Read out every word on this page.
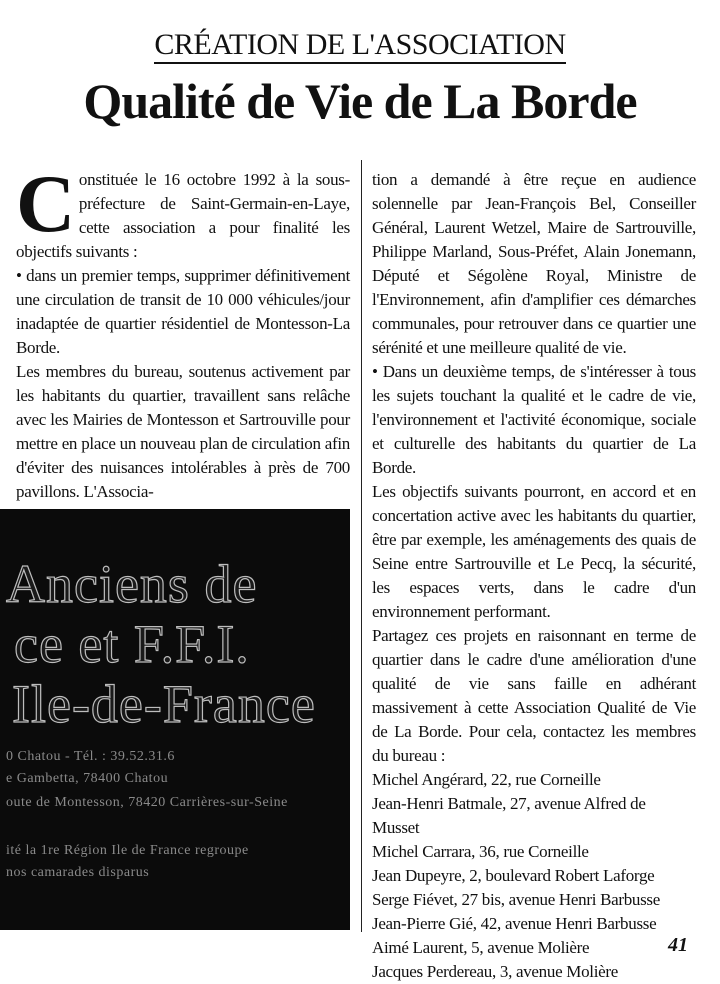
CRÉATION DE L'ASSOCIATION
Qualité de Vie de La Borde

Constituée le 16 octobre 1992 à la sous-préfecture de Saint-Germain-en-Laye, cette association a pour finalité les objectifs suivants :

• dans un premier temps, supprimer définitivement une circulation de transit de 10 000 véhicules/jour inadaptée de quartier résidentiel de Montesson-La Borde.

Les membres du bureau, soutenus activement par les habitants du quartier, travaillent sans relâche avec les Mairies de Montesson et Sartrouville pour mettre en place un nouveau plan de circulation afin d'éviter des nuisances intolérables à près de 700 pavillons. L'Associa-

Anciens de
ce et F.F.I.
Ile-de-France
0 Chatou - Tél. : 39.52.31.6
e Gambetta, 78400 Chatou
oute de Montesson, 78420 Carrières-sur-Seine
ité la 1re Région Ile de France regroupe
nos camarades disparus

tion a demandé à être reçue en audience solennelle par Jean-François Bel, Conseiller Général, Laurent Wetzel, Maire de Sartrouville, Philippe Marland, Sous-Préfet, Alain Jonemann, Député et Ségolène Royal, Ministre de l'Environnement, afin d'amplifier ces démarches communales, pour retrouver dans ce quartier une sérénité et une meilleure qualité de vie.

• Dans un deuxième temps, de s'intéresser à tous les sujets touchant la qualité et le cadre de vie, l'environnement et l'activité économique, sociale et culturelle des habitants du quartier de La Borde.

Les objectifs suivants pourront, en accord et en concertation active avec les habitants du quartier, être par exemple, les aménagements des quais de Seine entre Sartrouville et Le Pecq, la sécurité, les espaces verts, dans le cadre d'un environnement performant.

Partagez ces projets en raisonnant en terme de quartier dans le cadre d'une amélioration d'une qualité de vie sans faille en adhérant massivement à cette Association Qualité de Vie de La Borde. Pour cela, contactez les membres du bureau :

Michel Angérard, 22, rue Corneille
Jean-Henri Batmale, 27, avenue Alfred de Musset
Michel Carrara, 36, rue Corneille
Jean Dupeyre, 2, boulevard Robert Laforge
Serge Fiévet, 27 bis, avenue Henri Barbusse
Jean-Pierre Gié, 42, avenue Henri Barbusse
Aimé Laurent, 5, avenue Molière
Jacques Perdereau, 3, avenue Molière
41
